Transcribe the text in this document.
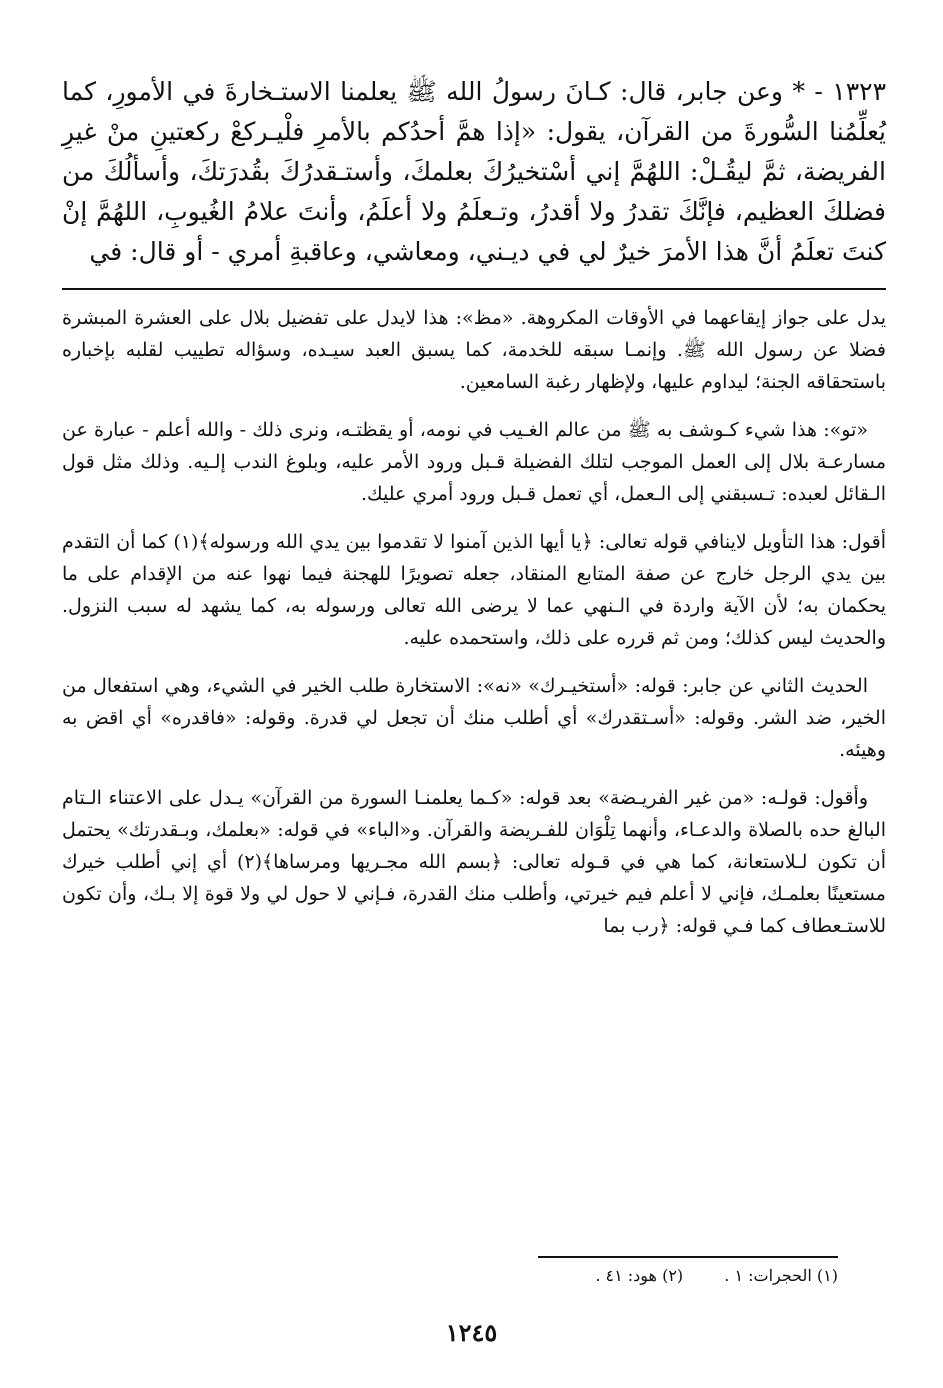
١٣٢٣ - * وعن جابر، قال: كـانَ رسولُ الله ﷺ يعلمنا الاستـخارةَ في الأمورِ، كما يُعلِّمُنا السُّورةَ من القرآن، يقول: «إذا همَّ أحدُكم بالأمرِ فلْيـركعْ ركعتينِ منْ غيرِ الفريضة، ثمَّ ليقُـلْ: اللهُمَّ إني أسْتخيرُكَ بعلمكَ، وأستـقدرُكَ بقُدرَتكَ، وأسألُكَ من فضلكَ العظيم، فإنَّكَ تقدرُ ولا أقدرُ، وتـعلَمُ ولا أعلَمُ، وأنتَ علامُ الغُيوبِ، اللهُمَّ إنْ كنتَ تعلَمُ أنَّ هذا الأمرَ خيرٌ لي في ديـني، ومعاشي، وعاقبةِ أمري - أو قال: في

يدل على جواز إيقاعهما في الأوقات المكروهة. «مظ»: هذا لايدل على تفضيل بلال على العشرة المبشرة فضلا عن رسول الله ﷺ. وإنمـا سبقه للخدمة، كما يسبق العبد سيـده، وسؤاله تطييب لقلبه بإخباره باستحقاقه الجنة؛ ليداوم عليها، ولإظهار رغبة السامعين.

«تو»: هذا شيء كـوشف به ﷺ من عالم الغـيب في نومه، أو يقظتـه، ونرى ذلك - والله أعلم - عبارة عن مسارعـة بلال إلى العمل الموجب لتلك الفضيلة قـبل ورود الأمر عليه، وبلوغ الندب إلـيه. وذلك مثل قول الـقائل لعبده: تـسبقني إلى الـعمل، أي تعمل قـبل ورود أمري عليك.

أقول: هذا التأويل لاينافي قوله تعالى: ﴿يا أيها الذين آمنوا لا تقدموا بين يدي الله ورسوله﴾(١) كما أن التقدم بين يدي الرجل خارج عن صفة المتابع المنقاد، جعله تصويرًا للهجنة فيما نهوا عنه من الإقدام على ما يحكمان به؛ لأن الآية واردة في الـنهي عما لا يرضى الله تعالى ورسوله به، كما يشهد له سبب النزول. والحديث ليس كذلك؛ ومن ثم قرره على ذلك، واستحمده عليه.

الحديث الثاني عن جابر: قوله: «أستخيـرك» «نه»: الاستخارة طلب الخير في الشيء، وهي استفعال من الخير، ضد الشر. وقوله: «أسـتقدرك» أي أطلب منك أن تجعل لي قدرة. وقوله: «فاقدره» أي اقض به وهيئه.

وأقول: قولـه: «من غير الفريـضة» بعد قوله: «كـما يعلمنـا السورة من القرآن» يـدل على الاعتناء الـتام البالغ حده بالصلاة والدعـاء، وأنهما تِلْوَان للفـريضة والقرآن. و«الباء» في قوله: «بعلمك، وبـقدرتك» يحتمل أن تكون لـلاستعانة، كما هي في قـوله تعالى: ﴿بسم الله مجـريها ومرساها﴾(٢) أي إني أطلب خيرك مستعينًا بعلمـك، فإني لا أعلم فيم خيرتي، وأطلب منك القدرة، فـإني لا حول لي ولا قوة إلا بـك، وأن تكون للاستـعطاف كما فـي قوله: ﴿رب بما

(١) الحجرات: ١ . (٢) هود: ٤١ .
١٢٤٥
